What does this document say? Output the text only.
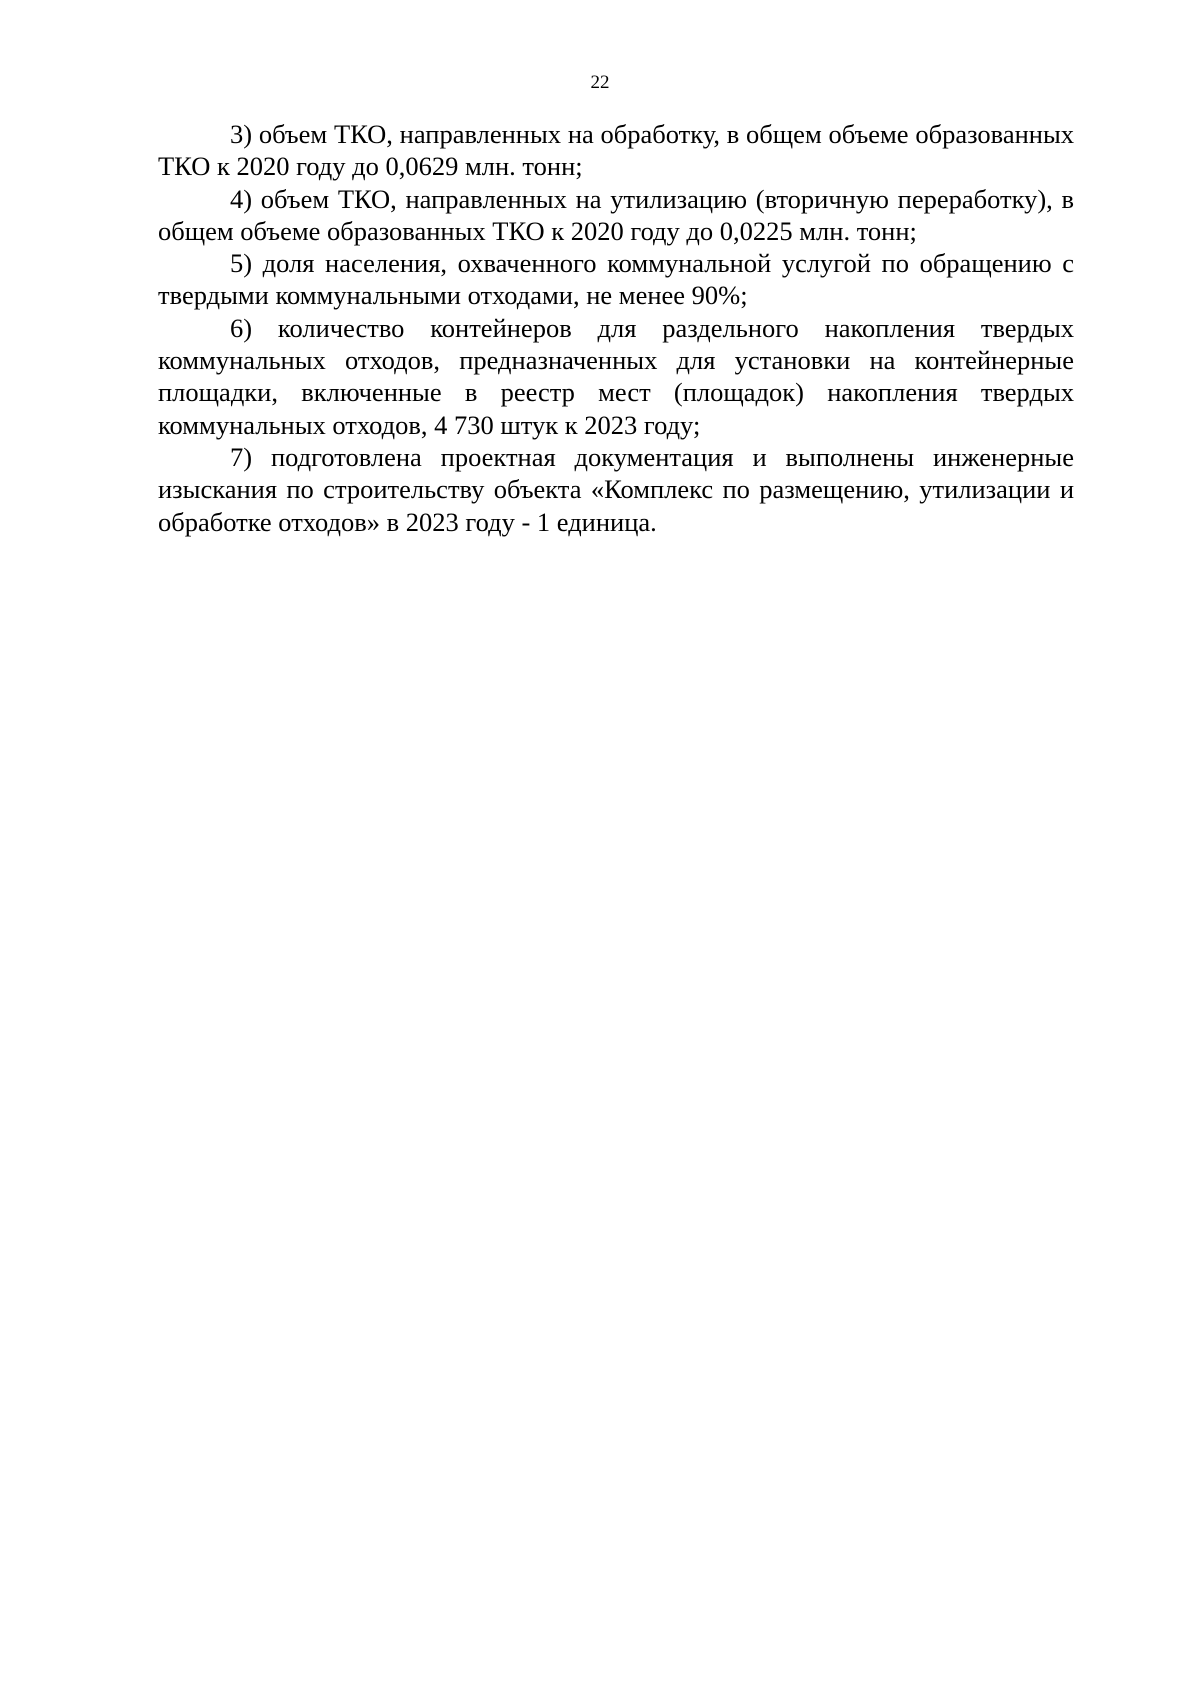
22

3) объем ТКО, направленных на обработку, в общем объеме образованных ТКО к 2020 году до 0,0629 млн. тонн;

4) объем ТКО, направленных на утилизацию (вторичную переработку), в общем объеме образованных ТКО к 2020 году до 0,0225 млн. тонн;

5) доля населения, охваченного коммунальной услугой по обращению с твердыми коммунальными отходами, не менее 90%;

6) количество контейнеров для раздельного накопления твердых коммунальных отходов, предназначенных для установки на контейнерные площадки, включенные в реестр мест (площадок) накопления твердых коммунальных отходов, 4 730 штук к 2023 году;

7) подготовлена проектная документация и выполнены инженерные изыскания по строительству объекта «Комплекс по размещению, утилизации и обработке отходов» в 2023 году - 1 единица.
